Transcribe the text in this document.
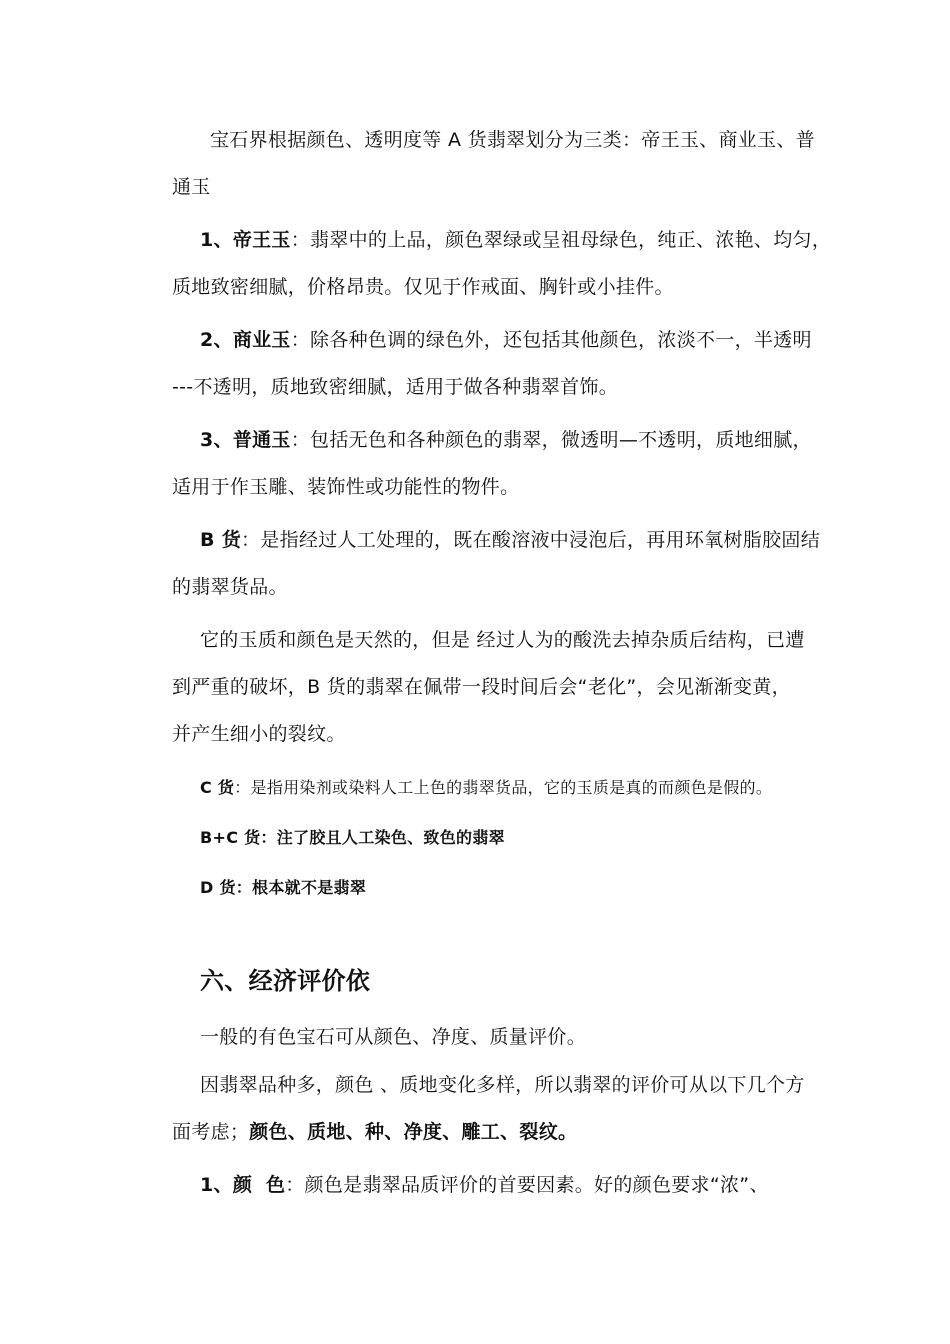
宝石界根据颜色、透明度等 A 货翡翠划分为三类：帝王玉、商业玉、普
通玉
1、帝王玉：翡翠中的上品，颜色翠绿或呈祖母绿色，纯正、浓艳、均匀，
质地致密细腻，价格昂贵。仅见于作戒面、胸针或小挂件。
2、商业玉：除各种色调的绿色外，还包括其他颜色，浓淡不一，半透明
---不透明，质地致密细腻，适用于做各种翡翠首饰。
3、普通玉：包括无色和各种颜色的翡翠，微透明—不透明，质地细腻，
适用于作玉雕、装饰性或功能性的物件。
B 货：是指经过人工处理的，既在酸溶液中浸泡后，再用环氧树脂胶固结
的翡翠货品。
它的玉质和颜色是天然的，但是 经过人为的酸洗去掉杂质后结构，已遭
到严重的破坏，B 货的翡翠在佩带一段时间后会“老化”，会见渐渐变黄，
并产生细小的裂纹。
C 货：是指用染剂或染料人工上色的翡翠货品，它的玉质是真的而颜色是假的。
B+C 货：注了胶且人工染色、致色的翡翠
D 货：根本就不是翡翠
六、经济评价依
一般的有色宝石可从颜色、净度、质量评价。
因翡翠品种多，颜色 、质地变化多样，所以翡翠的评价可从以下几个方
面考虑；颜色、质地、种、净度、雕工、裂纹。
1、颜  色：颜色是翡翠品质评价的首要因素。好的颜色要求“浓”、
